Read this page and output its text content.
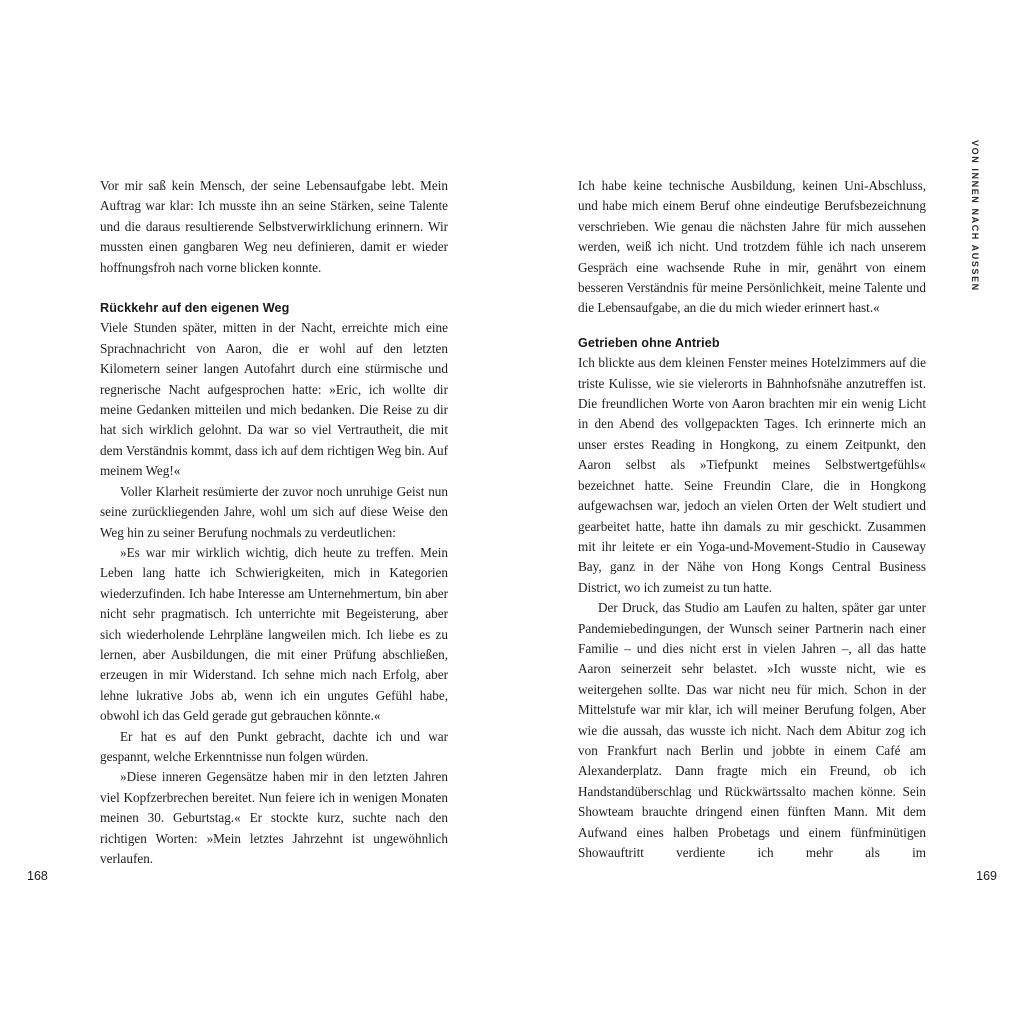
Vor mir saß kein Mensch, der seine Lebensaufgabe lebt. Mein Auftrag war klar: Ich musste ihn an seine Stärken, seine Talente und die daraus resultierende Selbstverwirklichung erinnern. Wir mussten einen gangbaren Weg neu definieren, damit er wieder hoffnungsfroh nach vorne blicken konnte.

Rückkehr auf den eigenen Weg

Viele Stunden später, mitten in der Nacht, erreichte mich eine Sprachnachricht von Aaron, die er wohl auf den letzten Kilometern seiner langen Autofahrt durch eine stürmische und regnerische Nacht aufgesprochen hatte: »Eric, ich wollte dir meine Gedanken mitteilen und mich bedanken. Die Reise zu dir hat sich wirklich gelohnt. Da war so viel Vertrautheit, die mit dem Verständnis kommt, dass ich auf dem richtigen Weg bin. Auf meinem Weg!«

Voller Klarheit resümierte der zuvor noch unruhige Geist nun seine zurückliegenden Jahre, wohl um sich auf diese Weise den Weg hin zu seiner Berufung nochmals zu verdeutlichen:

»Es war mir wirklich wichtig, dich heute zu treffen. Mein Leben lang hatte ich Schwierigkeiten, mich in Kategorien wiederzufinden. Ich habe Interesse am Unternehmertum, bin aber nicht sehr pragmatisch. Ich unterrichte mit Begeisterung, aber sich wiederholende Lehrpläne langweilen mich. Ich liebe es zu lernen, aber Ausbildungen, die mit einer Prüfung abschließen, erzeugen in mir Widerstand. Ich sehne mich nach Erfolg, aber lehne lukrative Jobs ab, wenn ich ein ungutes Gefühl habe, obwohl ich das Geld gerade gut gebrauchen könnte.«

Er hat es auf den Punkt gebracht, dachte ich und war gespannt, welche Erkenntnisse nun folgen würden.

»Diese inneren Gegensätze haben mir in den letzten Jahren viel Kopfzerbrechen bereitet. Nun feiere ich in wenigen Monaten meinen 30. Geburtstag.« Er stockte kurz, suchte nach den richtigen Worten: »Mein letztes Jahrzehnt ist ungewöhnlich verlaufen.

168

Ich habe keine technische Ausbildung, keinen Uni-Abschluss, und habe mich einem Beruf ohne eindeutige Berufsbezeichnung verschrieben. Wie genau die nächsten Jahre für mich aussehen werden, weiß ich nicht. Und trotzdem fühle ich nach unserem Gespräch eine wachsende Ruhe in mir, genährt von einem besseren Verständnis für meine Persönlichkeit, meine Talente und die Lebensaufgabe, an die du mich wieder erinnert hast.«

Getrieben ohne Antrieb

Ich blickte aus dem kleinen Fenster meines Hotelzimmers auf die triste Kulisse, wie sie vielerorts in Bahnhofsnähe anzutreffen ist. Die freundlichen Worte von Aaron brachten mir ein wenig Licht in den Abend des vollgepackten Tages. Ich erinnerte mich an unser erstes Reading in Hongkong, zu einem Zeitpunkt, den Aaron selbst als »Tiefpunkt meines Selbstwertgefühls« bezeichnet hatte. Seine Freundin Clare, die in Hongkong aufgewachsen war, jedoch an vielen Orten der Welt studiert und gearbeitet hatte, hatte ihn damals zu mir geschickt. Zusammen mit ihr leitete er ein Yoga-und-Movement-Studio in Causeway Bay, ganz in der Nähe von Hong Kongs Central Business District, wo ich zumeist zu tun hatte.

Der Druck, das Studio am Laufen zu halten, später gar unter Pandemiebedingungen, der Wunsch seiner Partnerin nach einer Familie – und dies nicht erst in vielen Jahren –, all das hatte Aaron seinerzeit sehr belastet. »Ich wusste nicht, wie es weitergehen sollte. Das war nicht neu für mich. Schon in der Mittelstufe war mir klar, ich will meiner Berufung folgen, Aber wie die aussah, das wusste ich nicht. Nach dem Abitur zog ich von Frankfurt nach Berlin und jobbte in einem Café am Alexanderplatz. Dann fragte mich ein Freund, ob ich Handstandüberschlag und Rückwärtssalto machen könne. Sein Showteam brauchte dringend einen fünften Mann. Mit dem Aufwand eines halben Probetags und einem fünfminütigen Showauftritt verdiente ich mehr als im

VON INNEN NACH AUSSEN
169
